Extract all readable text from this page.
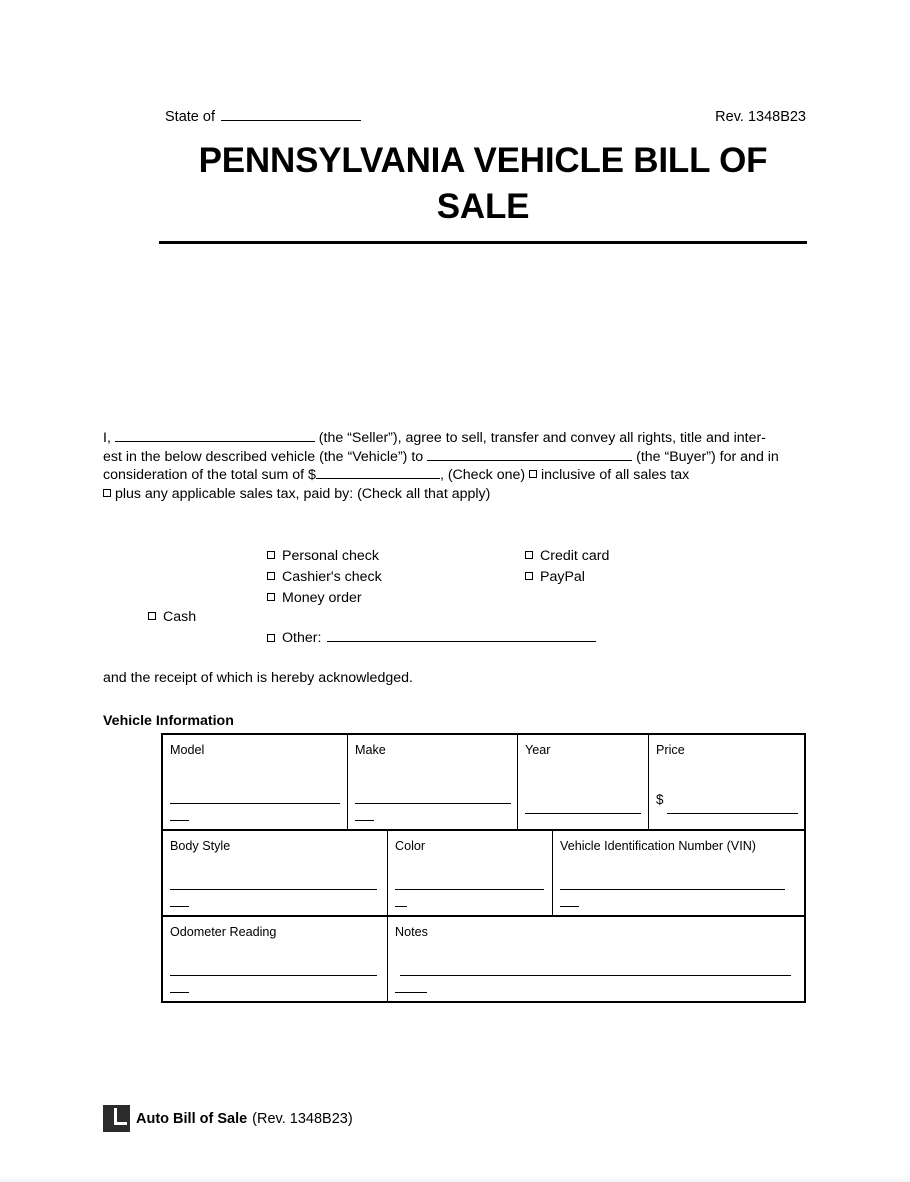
State of	Rev. 1348B23
PENNSYLVANIA VEHICLE BILL OF SALE

I,	(the “Seller”), agree to sell, transfer and convey all rights, title and inter-

est in the below described vehicle (the “Vehicle”) to	(the “Buyer”) for and in

consideration of the total sum of $	, (Check one) inclusive of all sales tax

plus any applicable sales tax, paid by: (Check all that apply)

Personal check	Credit card
Cashier's check	PayPal
Money order
Cash
Other:
and the receipt of which is hereby acknowledged.
Vehicle Information
Model	Make	Year	Price
$
Body Style	Color	Vehicle Identification Number (VIN)
Odometer Reading	Notes
Auto Bill of Sale (Rev. 1348B23)
